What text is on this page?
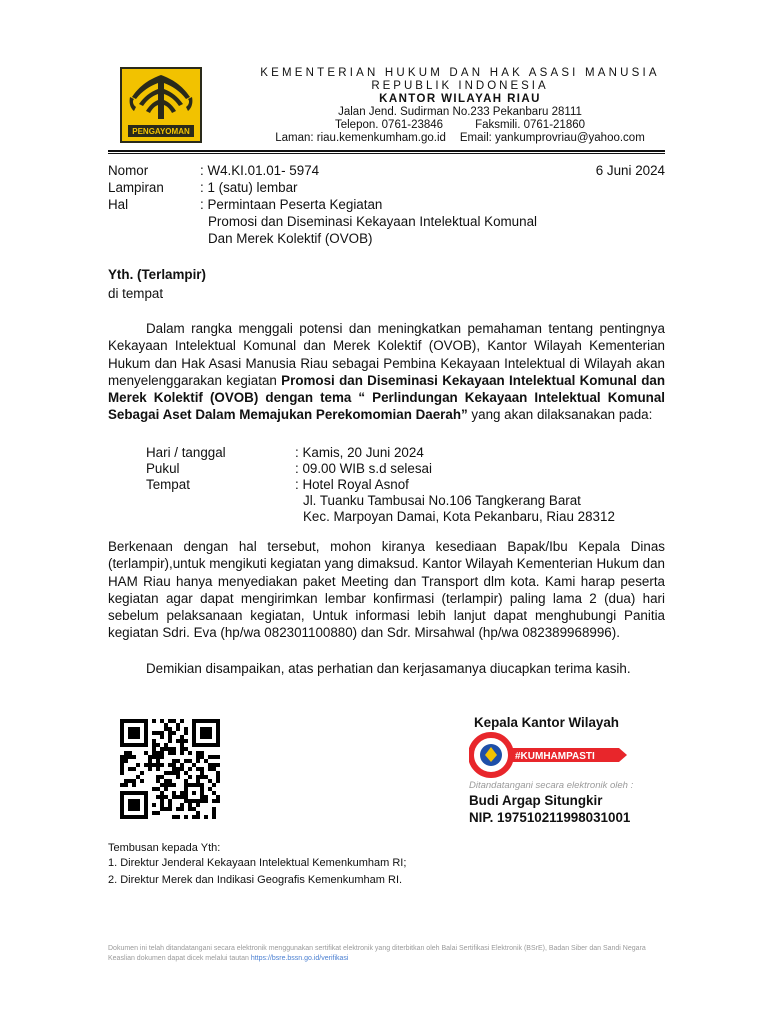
PENGAYOMAN
KEMENTERIAN HUKUM DAN HAK ASASI MANUSIA
REPUBLIK INDONESIA
KANTOR WILAYAH RIAU
Jalan Jend. Sudirman No.233 Pekanbaru 28111
Telepon. 0761-23846	Faksmili. 0761-21860
Laman: riau.kemenkumham.go.id Email: yankumprovriau@yahoo.com
Nomor	: W4.KI.01.01- 5974	6 Juni 2024
Lampiran	: 1 (satu) lembar
Hal	: Permintaan Peserta Kegiatan
Promosi dan Diseminasi Kekayaan Intelektual Komunal
Dan Merek Kolektif (OVOB)
Yth. (Terlampir)
di tempat

Dalam rangka menggali potensi dan meningkatkan pemahaman tentang pentingnya Kekayaan Intelektual Komunal dan Merek Kolektif (OVOB), Kantor Wilayah Kementerian Hukum dan Hak Asasi Manusia Riau sebagai Pembina Kekayaan Intelektual di Wilayah akan menyelenggarakan kegiatan Promosi dan Diseminasi Kekayaan Intelektual Komunal dan Merek Kolektif (OVOB) dengan tema “ Perlindungan Kekayaan Intelektual Komunal Sebagai Aset Dalam Memajukan Perekomomian Daerah” yang akan dilaksanakan pada:

Hari / tanggal	: Kamis, 20 Juni 2024
Pukul	: 09.00 WIB s.d selesai
Tempat	: Hotel Royal Asnof
Jl. Tuanku Tambusai No.106 Tangkerang Barat
Kec. Marpoyan Damai, Kota Pekanbaru, Riau 28312

Berkenaan dengan hal tersebut, mohon kiranya kesediaan Bapak/Ibu Kepala Dinas (terlampir),untuk mengikuti kegiatan yang dimaksud. Kantor Wilayah Kementerian Hukum dan HAM Riau hanya menyediakan paket Meeting dan Transport dlm kota. Kami harap peserta kegiatan agar dapat mengirimkan lembar konfirmasi (terlampir) paling lama 2 (dua) hari sebelum pelaksanaan kegiatan, Untuk informasi lebih lanjut dapat menghubungi Panitia kegiatan Sdri. Eva (hp/wa 082301100880) dan Sdr. Mirsahwal (hp/wa 082389968996).

Demikian disampaikan, atas perhatian dan kerjasamanya diucapkan terima kasih.

Kepala Kantor Wilayah
#KUMHAMPASTI
Ditandatangani secara elektronik oleh :
Budi Argap Situngkir
NIP. 197510211998031001
Tembusan kepada Yth:
1. Direktur Jenderal Kekayaan Intelektual Kemenkumham RI;
2. Direktur Merek dan Indikasi Geografis Kemenkumham RI.
Dokumen ini telah ditandatangani secara elektronik menggunakan sertifikat elektronik yang diterbitkan oleh Balai Sertifikasi Elektronik (BSrE), Badan Siber dan Sandi Negara
Keaslian dokumen dapat dicek melalui tautan https://bsre.bssn.go.id/verifikasi
